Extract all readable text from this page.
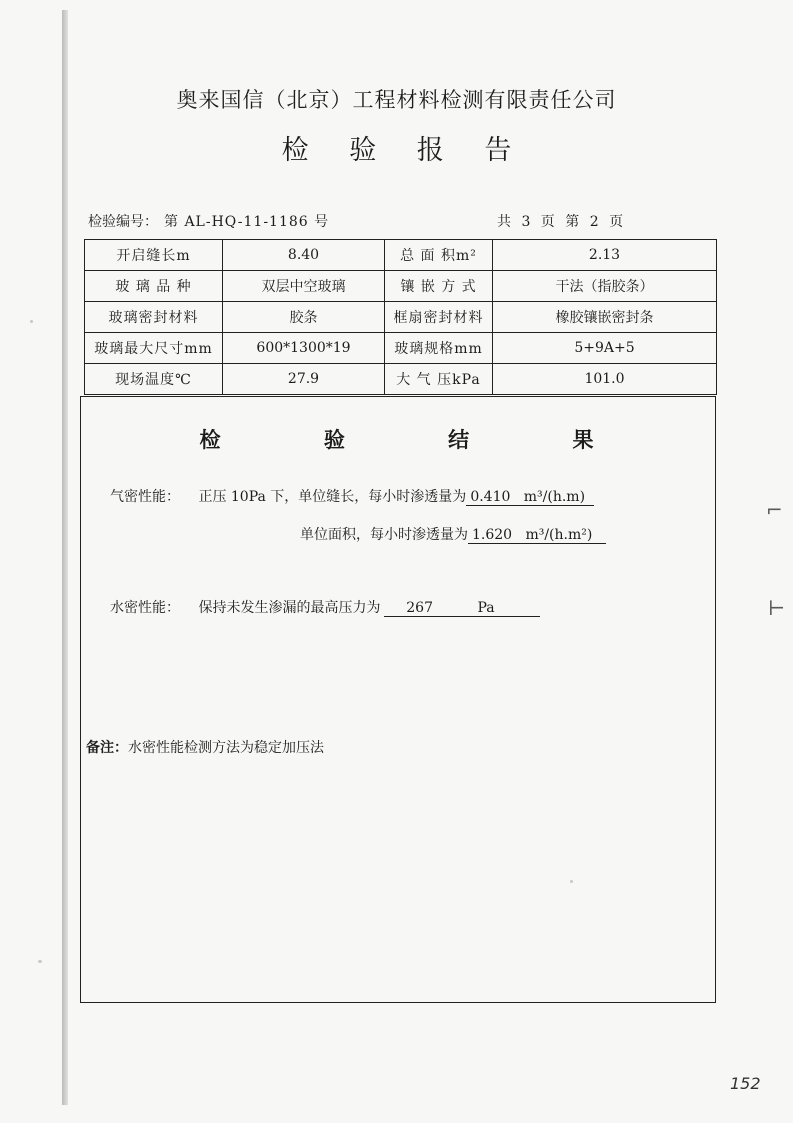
奥来国信（北京）工程材料检测有限责任公司
检 验 报 告
检验编号： 第 AL-HQ-11-1186 号	共 3 页 第 2 页
开启缝长m	8.40	总 面 积m²	2.13
玻 璃 品 种	双层中空玻璃	镶 嵌 方 式	干法（指胶条）
玻璃密封材料	胶条	框扇密封材料	橡胶镶嵌密封条
玻璃最大尺寸mm	600*1300*19	玻璃规格mm	5+9A+5
现场温度℃	27.9	大 气 压kPa	101.0
检 验 结 果
气密性能： 正压 10Pa 下，单位缝长，每小时渗透量为 0.410 m³/(h.m)
单位面积，每小时渗透量为 1.620 m³/(h.m²)
水密性能： 保持未发生渗漏的最高压力为 267	Pa
备注：水密性能检测方法为稳定加压法
⌐
⊢
152
